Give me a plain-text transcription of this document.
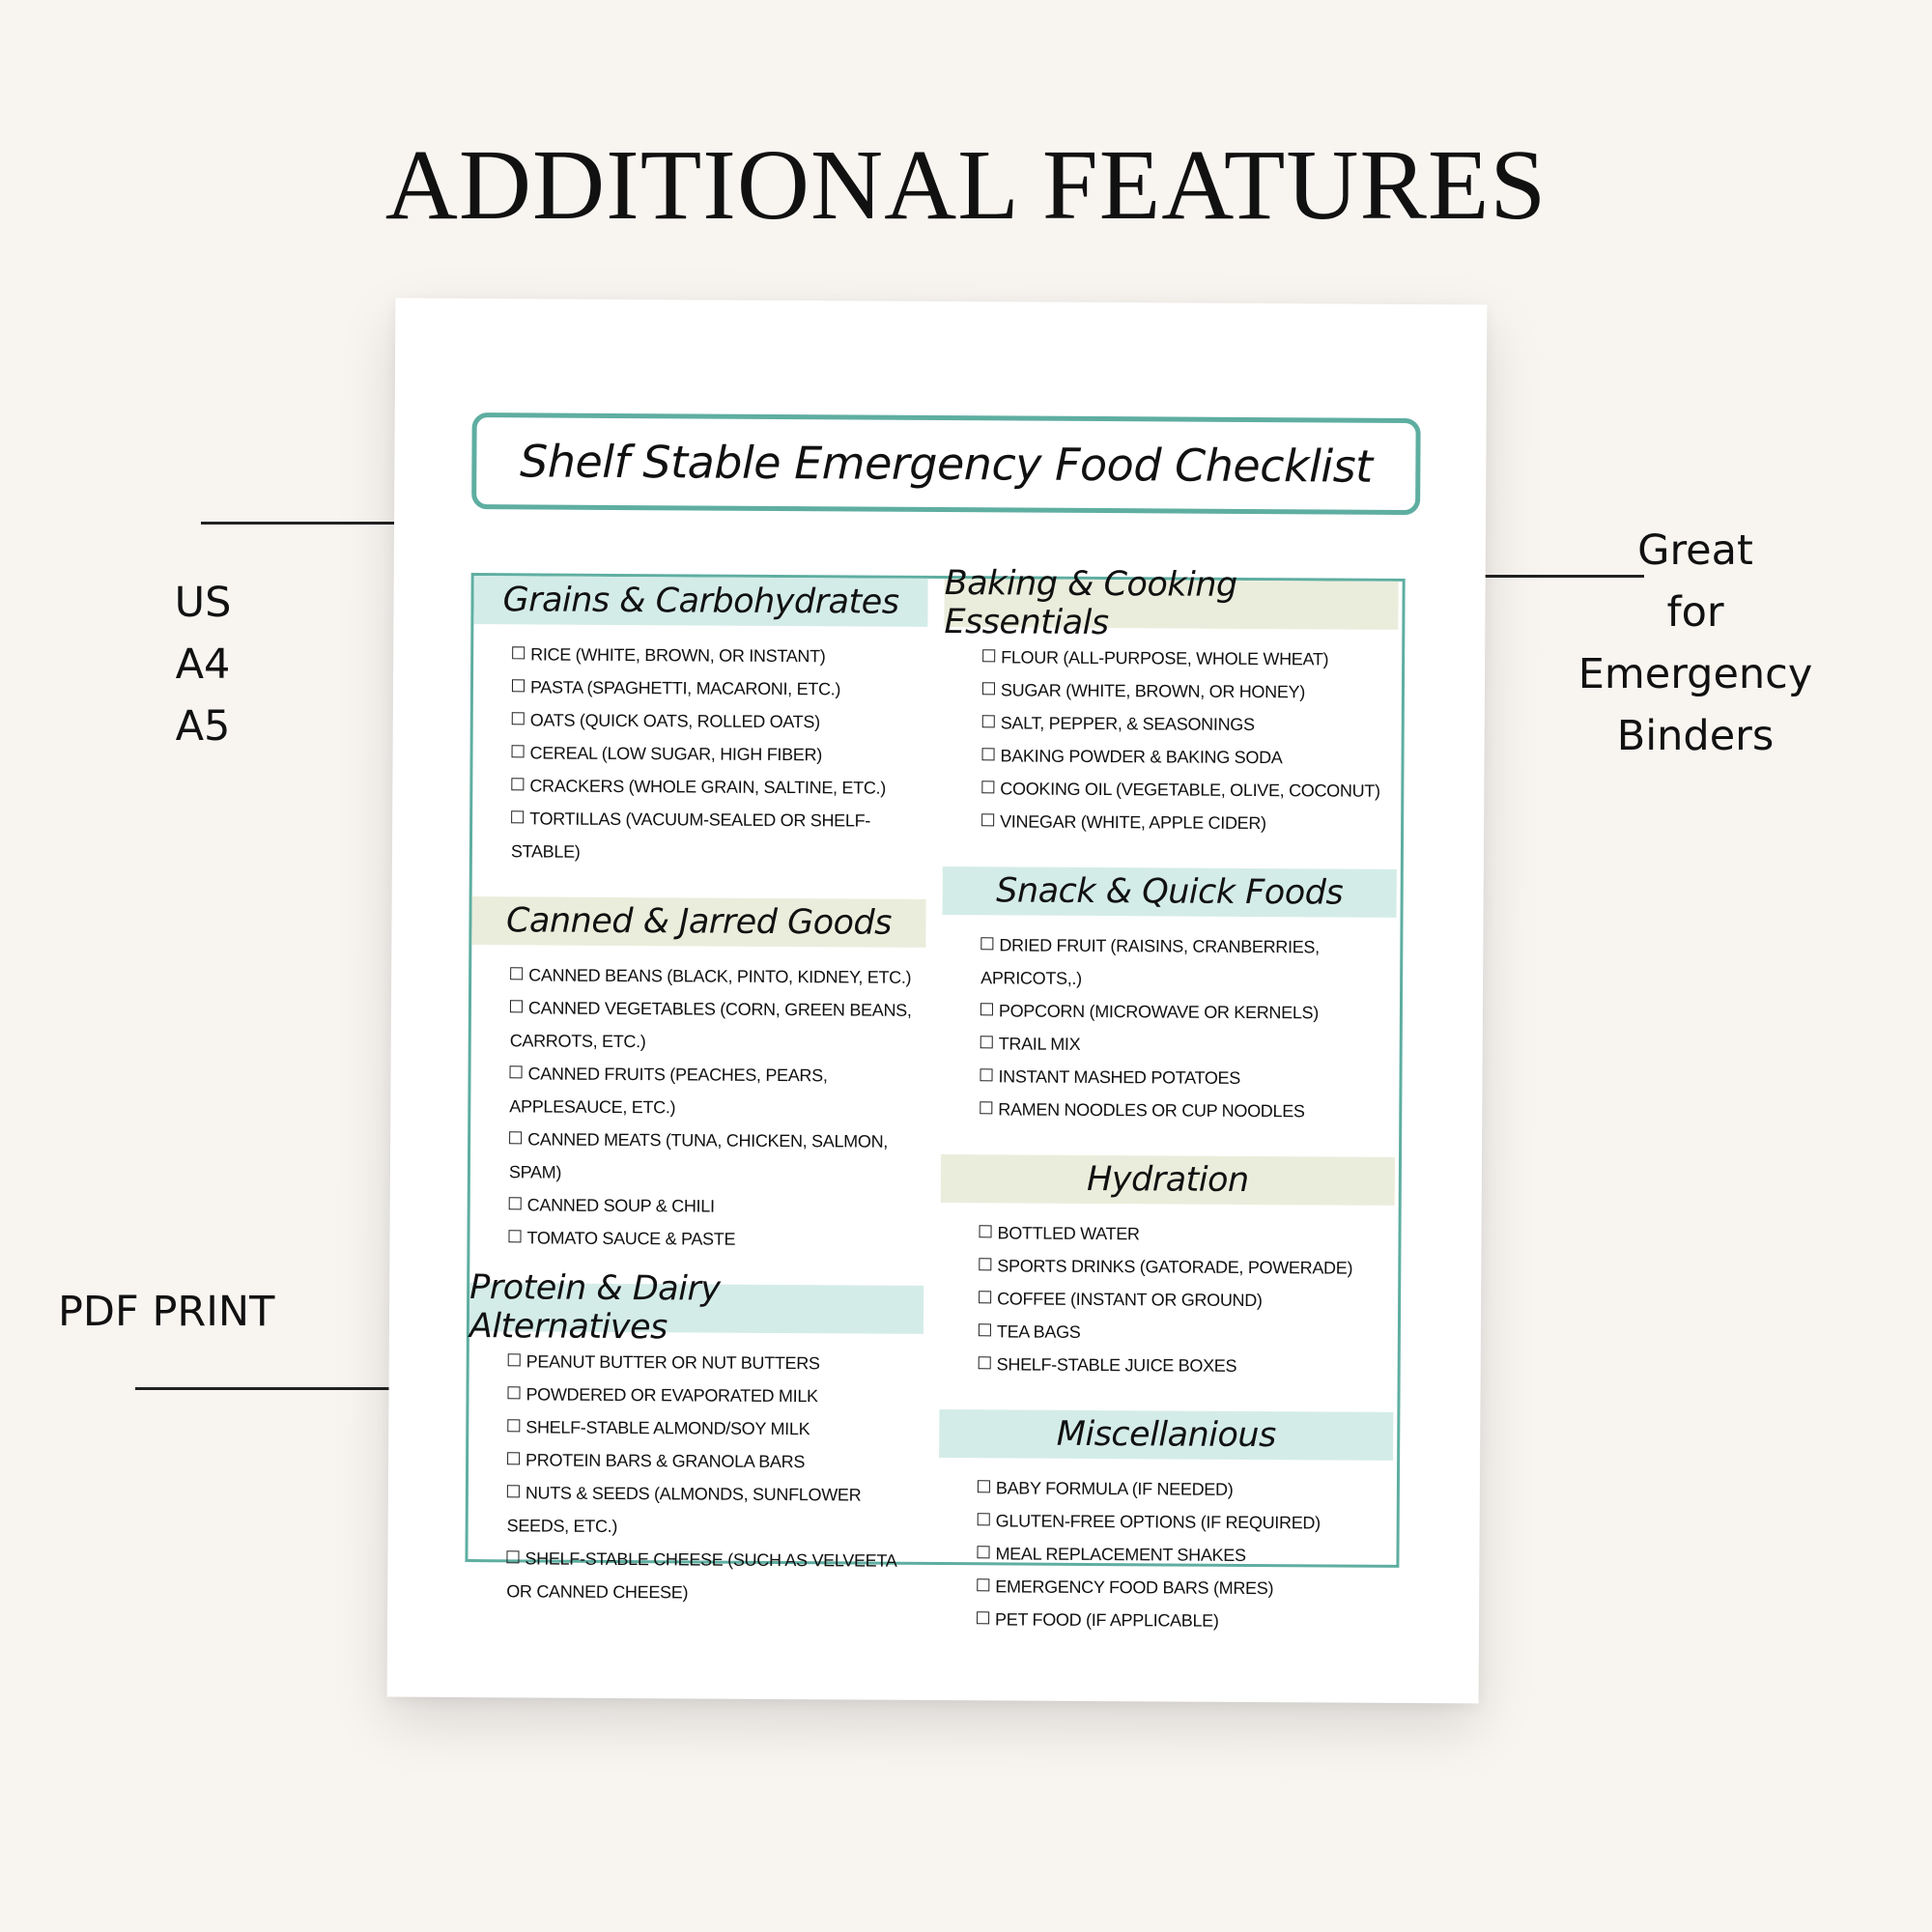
ADDITIONAL FEATURES
US
A4
A5
PDF PRINT
Great
for
Emergency
Binders
Shelf Stable Emergency Food Checklist
Grains & Carbohydrates
RICE (WHITE, BROWN, OR INSTANT)
PASTA (SPAGHETTI, MACARONI, ETC.)
OATS (QUICK OATS, ROLLED OATS)
CEREAL (LOW SUGAR, HIGH FIBER)
CRACKERS (WHOLE GRAIN, SALTINE, ETC.)
TORTILLAS (VACUUM-SEALED OR SHELF-STABLE)
Canned & Jarred Goods
CANNED BEANS (BLACK, PINTO, KIDNEY, ETC.)
CANNED VEGETABLES (CORN, GREEN BEANS, CARROTS, ETC.)
CANNED FRUITS (PEACHES, PEARS, APPLESAUCE, ETC.)
CANNED MEATS (TUNA, CHICKEN, SALMON, SPAM)
CANNED SOUP & CHILI
TOMATO SAUCE & PASTE
Protein & Dairy Alternatives
PEANUT BUTTER OR NUT BUTTERS
POWDERED OR EVAPORATED MILK
SHELF-STABLE ALMOND/SOY MILK
PROTEIN BARS & GRANOLA BARS
NUTS & SEEDS (ALMONDS, SUNFLOWER SEEDS, ETC.)
SHELF-STABLE CHEESE (SUCH AS VELVEETA OR CANNED CHEESE)
Baking & Cooking Essentials
FLOUR (ALL-PURPOSE, WHOLE WHEAT)
SUGAR (WHITE, BROWN, OR HONEY)
SALT, PEPPER, & SEASONINGS
BAKING POWDER & BAKING SODA
COOKING OIL (VEGETABLE, OLIVE, COCONUT)
VINEGAR (WHITE, APPLE CIDER)
Snack & Quick Foods
DRIED FRUIT (RAISINS, CRANBERRIES, APRICOTS,.)
POPCORN (MICROWAVE OR KERNELS)
TRAIL MIX
INSTANT MASHED POTATOES
RAMEN NOODLES OR CUP NOODLES
Hydration
BOTTLED WATER
SPORTS DRINKS (GATORADE, POWERADE)
COFFEE (INSTANT OR GROUND)
TEA BAGS
SHELF-STABLE JUICE BOXES
Miscellanious
BABY FORMULA (IF NEEDED)
GLUTEN-FREE OPTIONS (IF REQUIRED)
MEAL REPLACEMENT SHAKES
EMERGENCY FOOD BARS (MRES)
PET FOOD (IF APPLICABLE)
